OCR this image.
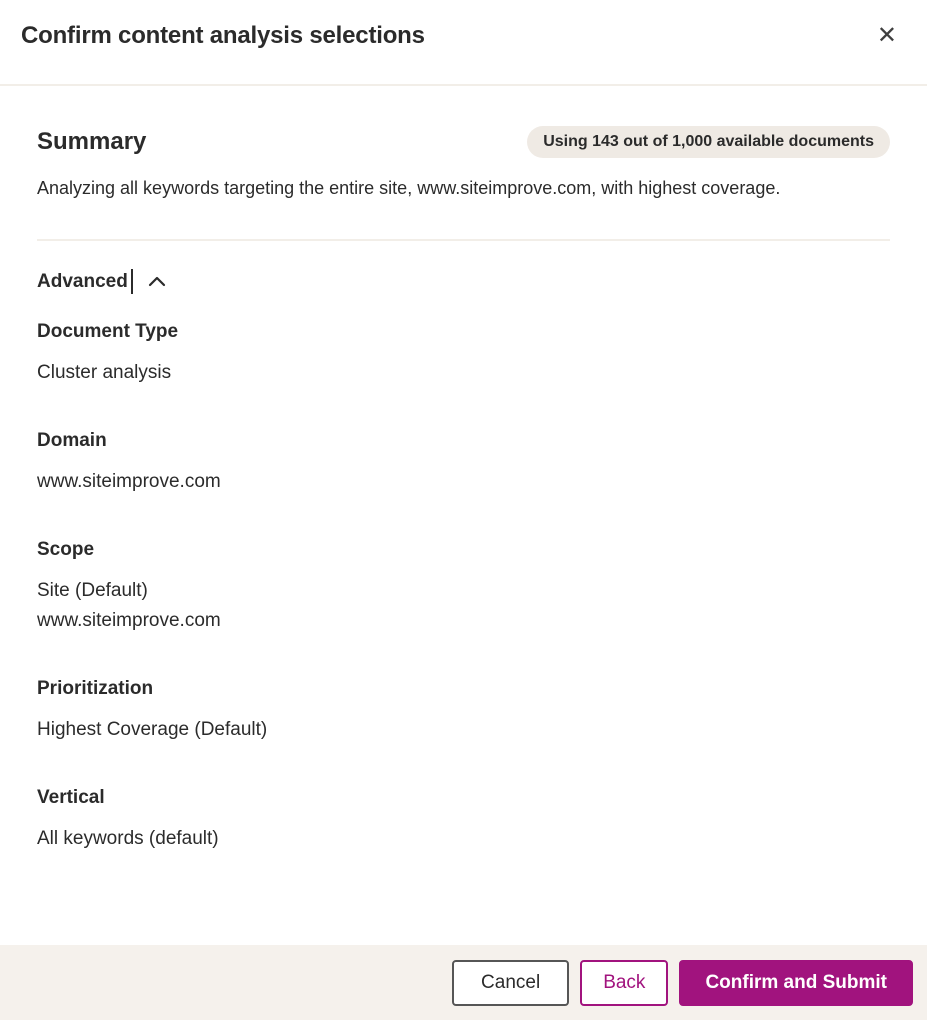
Confirm content analysis selections	✕
Summary	Using 143 out of 1,000 available documents

Analyzing all keywords targeting the entire site, www.siteimprove.com, with highest coverage.

Advanced
Document Type
Cluster analysis
Domain
www.siteimprove.com
Scope
Site (Default)
www.siteimprove.com
Prioritization
Highest Coverage (Default)
Vertical
All keywords (default)
Cancel	Back	Confirm and Submit
